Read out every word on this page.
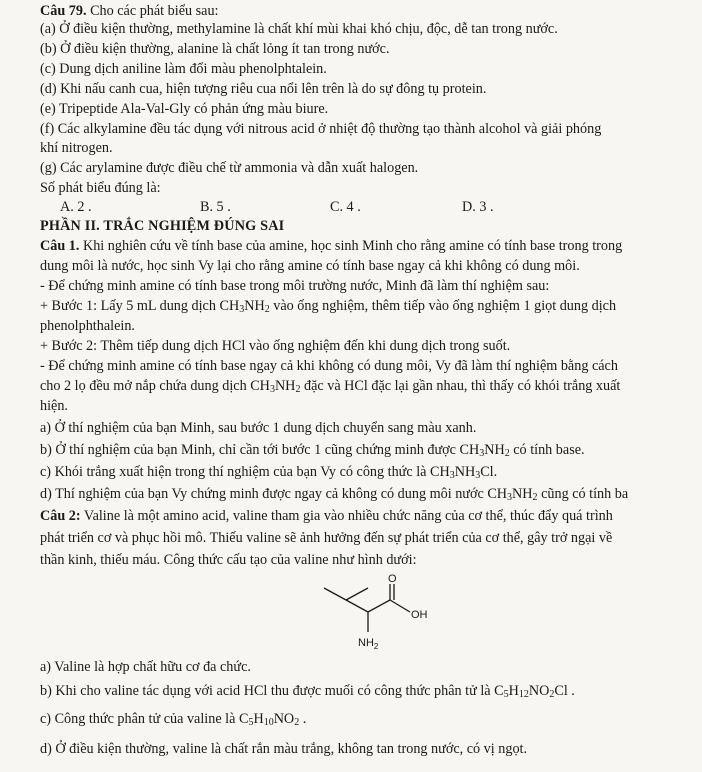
Câu 79. Cho các phát biểu sau:
(a) Ở điều kiện thường, methylamine là chất khí mùi khai khó chịu, độc, dễ tan trong nước.
(b) Ở điều kiện thường, alanine là chất lỏng ít tan trong nước.
(c) Dung dịch aniline làm đổi màu phenolphtalein.
(d) Khi nấu canh cua, hiện tượng riêu cua nổi lên trên là do sự đông tụ protein.
(e) Tripeptide Ala-Val-Gly có phản ứng màu biure.
(f) Các alkylamine đều tác dụng với nitrous acid ở nhiệt độ thường tạo thành alcohol và giải phóng
khí nitrogen.
(g) Các arylamine được điều chế từ ammonia và dẫn xuất halogen.
Số phát biểu đúng là:
A. 2 .	B. 5 .	C. 4 .	D. 3 .
PHẦN II. TRẮC NGHIỆM ĐÚNG SAI
Câu 1. Khi nghiên cứu về tính base của amine, học sinh Minh cho rằng amine có tính base trong trong
dung môi là nước, học sinh Vy lại cho rằng amine có tính base ngay cả khi không có dung môi.
- Để chứng minh amine có tính base trong môi trường nước, Minh đã làm thí nghiệm sau:
+ Bước 1: Lấy 5 mL dung dịch $CH_3NH_2$ vào ống nghiệm, thêm tiếp vào ống nghiệm 1 giọt dung dịch
phenolphthalein.
+ Bước 2: Thêm tiếp dung dịch HCl vào ống nghiệm đến khi dung dịch trong suốt.
- Để chứng minh amine có tính base ngay cả khi không có dung môi, Vy đã làm thí nghiệm bằng cách
cho 2 lọ đều mở nắp chứa dung dịch $CH_3NH_2$ đặc và HCl đặc lại gần nhau, thì thấy có khói trắng xuất
hiện.
a) Ở thí nghiệm của bạn Minh, sau bước 1 dung dịch chuyển sang màu xanh.
b) Ở thí nghiệm của bạn Minh, chỉ cần tới bước 1 cũng chứng minh được $CH_3NH_2$ có tính base.
c) Khói trắng xuất hiện trong thí nghiệm của bạn Vy có công thức là $CH_3NH_3Cl$.
d) Thí nghiệm của bạn Vy chứng minh được ngay cả không có dung môi nước $CH_3NH_2$ cũng có tính ba
Câu 2: Valine là một amino acid, valine tham gia vào nhiều chức năng của cơ thể, thúc đẩy quá trình
phát triển cơ và phục hồi mô. Thiếu valine sẽ ảnh hưởng đến sự phát triển của cơ thể, gây trở ngại về
thần kinh, thiếu máu. Công thức cấu tạo của valine như hình dưới:
O
OH
$NH_2$
a) Valine là hợp chất hữu cơ đa chức.
b) Khi cho valine tác dụng với acid HCl thu được muối có công thức phân tử là $C_5H_{12}NO_2Cl$ .
c) Công thức phân tử của valine là $C_5H_{10}NO_2$ .
d) Ở điều kiện thường, valine là chất rắn màu trắng, không tan trong nước, có vị ngọt.
